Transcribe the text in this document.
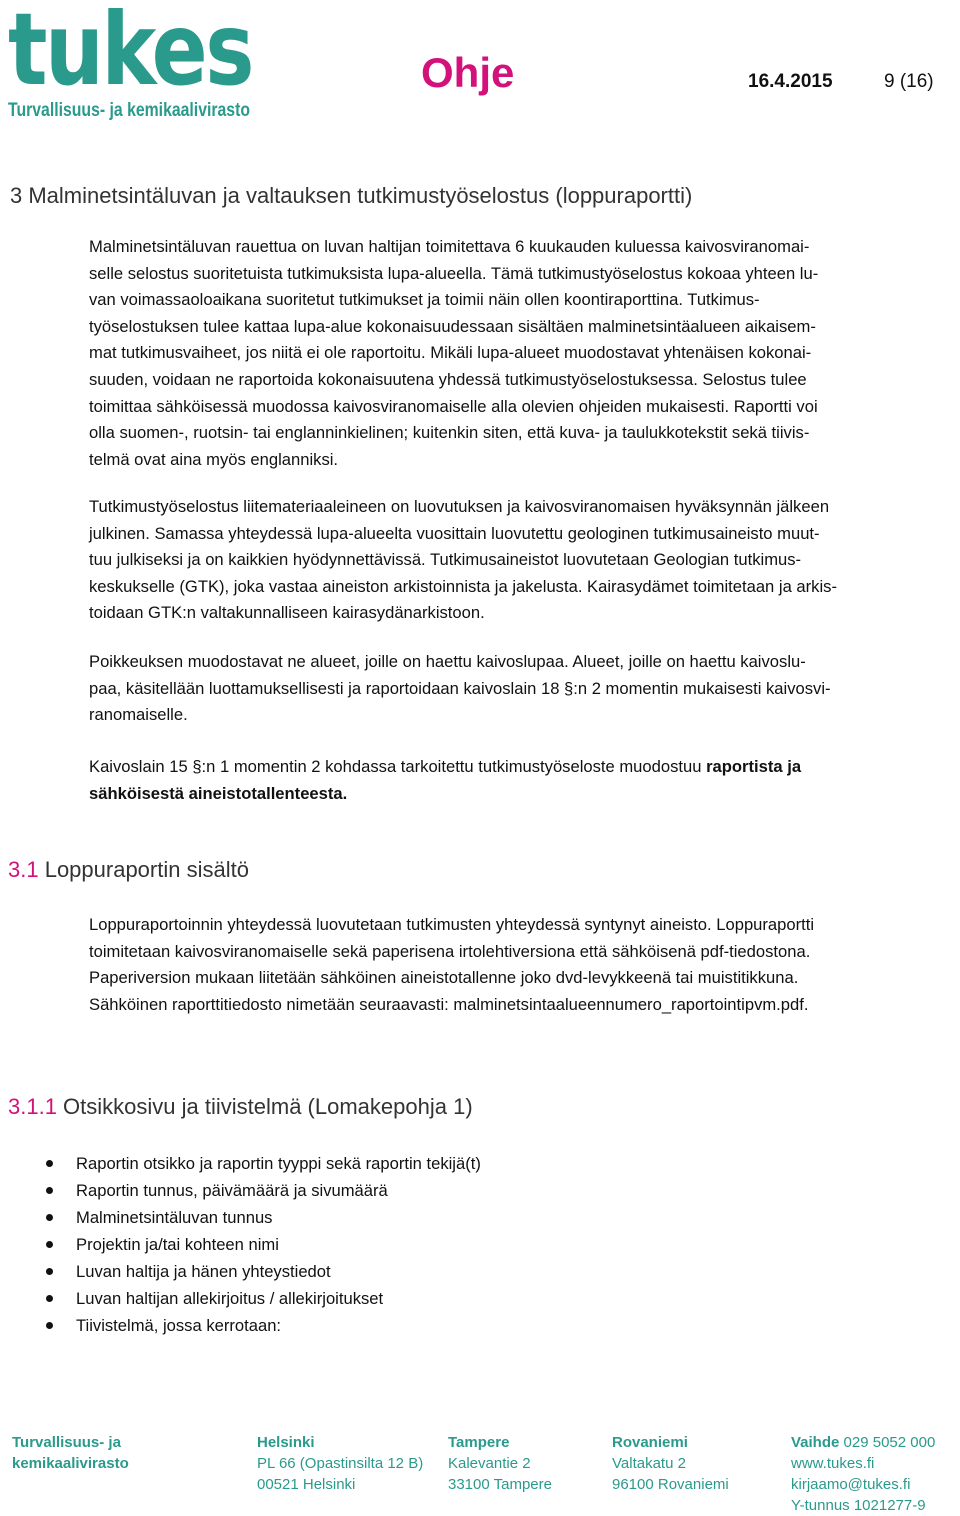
tukes
Turvallisuus- ja kemikaalivirasto
Ohje	16.4.2015	9 (16)
3 Malminetsintäluvan ja valtauksen tutkimustyöselostus (loppuraportti)
Malminetsintäluvan rauettua on luvan haltijan toimitettava 6 kuukauden kuluessa kaivosviranomai-
selle selostus suoritetuista tutkimuksista lupa-alueella. Tämä tutkimustyöselostus kokoaa yhteen lu-
van voimassaoloaikana suoritetut tutkimukset ja toimii näin ollen koontiraporttina. Tutkimus-
työselostuksen tulee kattaa lupa-alue kokonaisuudessaan sisältäen malminetsintäalueen aikaisem-
mat tutkimusvaiheet, jos niitä ei ole raportoitu. Mikäli lupa-alueet muodostavat yhtenäisen kokonai-
suuden, voidaan ne raportoida kokonaisuutena yhdessä tutkimustyöselostuksessa. Selostus tulee
toimittaa sähköisessä muodossa kaivosviranomaiselle alla olevien ohjeiden mukaisesti. Raportti voi
olla suomen-, ruotsin- tai englanninkielinen; kuitenkin siten, että kuva- ja taulukkotekstit sekä tiivis-
telmä ovat aina myös englanniksi.
Tutkimustyöselostus liitemateriaaleineen on luovutuksen ja kaivosviranomaisen hyväksynnän jälkeen
julkinen. Samassa yhteydessä lupa-alueelta vuosittain luovutettu geologinen tutkimusaineisto muut-
tuu julkiseksi ja on kaikkien hyödynnettävissä. Tutkimusaineistot luovutetaan Geologian tutkimus-
keskukselle (GTK), joka vastaa aineiston arkistoinnista ja jakelusta. Kairasydämet toimitetaan ja arkis-
toidaan GTK:n valtakunnalliseen kairasydänarkistoon.
Poikkeuksen muodostavat ne alueet, joille on haettu kaivoslupaa. Alueet, joille on haettu kaivoslu-
paa, käsitellään luottamuksellisesti ja raportoidaan kaivoslain 18 §:n 2 momentin mukaisesti kaivosvi-
ranomaiselle.
Kaivoslain 15 §:n 1 momentin 2 kohdassa tarkoitettu tutkimustyöseloste muodostuu raportista ja
sähköisestä aineistotallenteesta.
3.1 Loppuraportin sisältö
Loppuraportoinnin yhteydessä luovutetaan tutkimusten yhteydessä syntynyt aineisto. Loppuraportti
toimitetaan kaivosviranomaiselle sekä paperisena irtolehtiversiona että sähköisenä pdf-tiedostona.
Paperiversion mukaan liitetään sähköinen aineistotallenne joko dvd-levykkeenä tai muistitikkuna.
Sähköinen raporttitiedosto nimetään seuraavasti: malminetsintaalueennumero_raportointipvm.pdf.
3.1.1 Otsikkosivu ja tiivistelmä (Lomakepohja 1)
Raportin otsikko ja raportin tyyppi sekä raportin tekijä(t)
Raportin tunnus, päivämäärä ja sivumäärä
Malminetsintäluvan tunnus
Projektin ja/tai kohteen nimi
Luvan haltija ja hänen yhteystiedot
Luvan haltijan allekirjoitus / allekirjoitukset
Tiivistelmä, jossa kerrotaan:
Turvallisuus- ja
kemikaalivirasto
Helsinki
PL 66 (Opastinsilta 12 B)
00521 Helsinki
Tampere
Kalevantie 2
33100 Tampere
Rovaniemi
Valtakatu 2
96100 Rovaniemi
Vaihde 029 5052 000
www.tukes.fi
kirjaamo@tukes.fi
Y-tunnus 1021277-9
